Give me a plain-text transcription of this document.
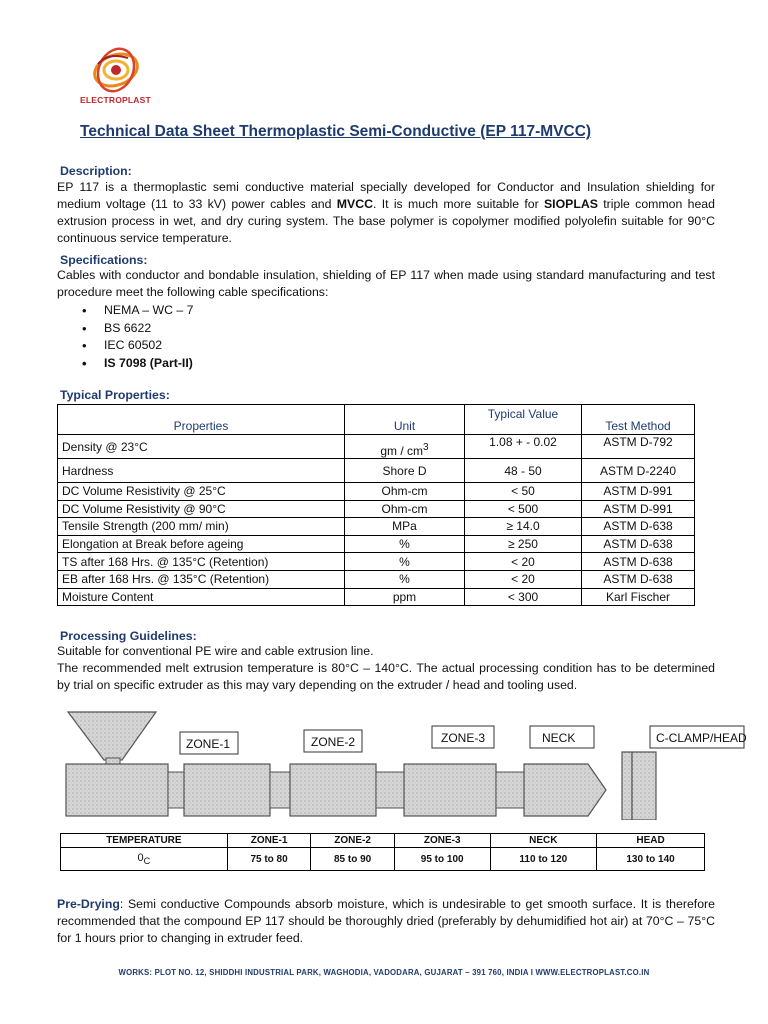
ELECTROPLAST
Technical Data Sheet Thermoplastic Semi-Conductive (EP 117-MVCC)
Description:
EP 117 is a thermoplastic semi conductive material specially developed for Conductor and Insulation shielding for medium voltage (11 to 33 kV) power cables and MVCC. It is much more suitable for SIOPLAS triple common head extrusion process in wet, and dry curing system. The base polymer is copolymer modified polyolefin suitable for 90°C continuous service temperature.
Specifications:
Cables with conductor and bondable insulation, shielding of EP 117 when made using standard manufacturing and test procedure meet the following cable specifications:
• NEMA – WC – 7
• BS 6622
• IEC 60502
• IS 7098 (Part-II)
Typical Properties:
Properties	Unit	Typical Value	Test Method
Density @ 23°C	gm / $cm^3$	1.08 + - 0.02	ASTM D-792
Hardness	Shore D	48 - 50	ASTM D-2240
DC Volume Resistivity @ 25°C	Ohm-cm	< 50	ASTM D-991
DC Volume Resistivity @ 90°C	Ohm-cm	< 500	ASTM D-991
Tensile Strength (200 mm/ min)	MPa	≥ 14.0	ASTM D-638
Elongation at Break before ageing	%	≥ 250	ASTM D-638
TS after 168 Hrs. @ 135°C (Retention)	%	< 20	ASTM D-638
EB after 168 Hrs. @ 135°C (Retention)	%	< 20	ASTM D-638
Moisture Content	ppm	< 300	Karl Fischer
Processing Guidelines:
Suitable for conventional PE wire and cable extrusion line.
The recommended melt extrusion temperature is 80°C – 140°C. The actual processing condition has to be determined by trial on specific extruder as this may vary depending on the extruder / head and tooling used.
ZONE-1	ZONE-2	ZONE-3	NECK	C-CLAMP/HEAD
TEMPERATURE	ZONE-1	ZONE-2	ZONE-3	NECK	HEAD
$0_C$	75 to 80	85 to 90	95 to 100	110 to 120	130 to 140
Pre-Drying: Semi conductive Compounds absorb moisture, which is undesirable to get smooth surface. It is therefore recommended that the compound EP 117 should be thoroughly dried (preferably by dehumidified hot air) at 70°C – 75°C for 1 hours prior to changing in extruder feed.
WORKS: PLOT NO. 12, SHIDDHI INDUSTRIAL PARK, WAGHODIA, VADODARA, GUJARAT – 391 760, INDIA I WWW.ELECTROPLAST.CO.IN
